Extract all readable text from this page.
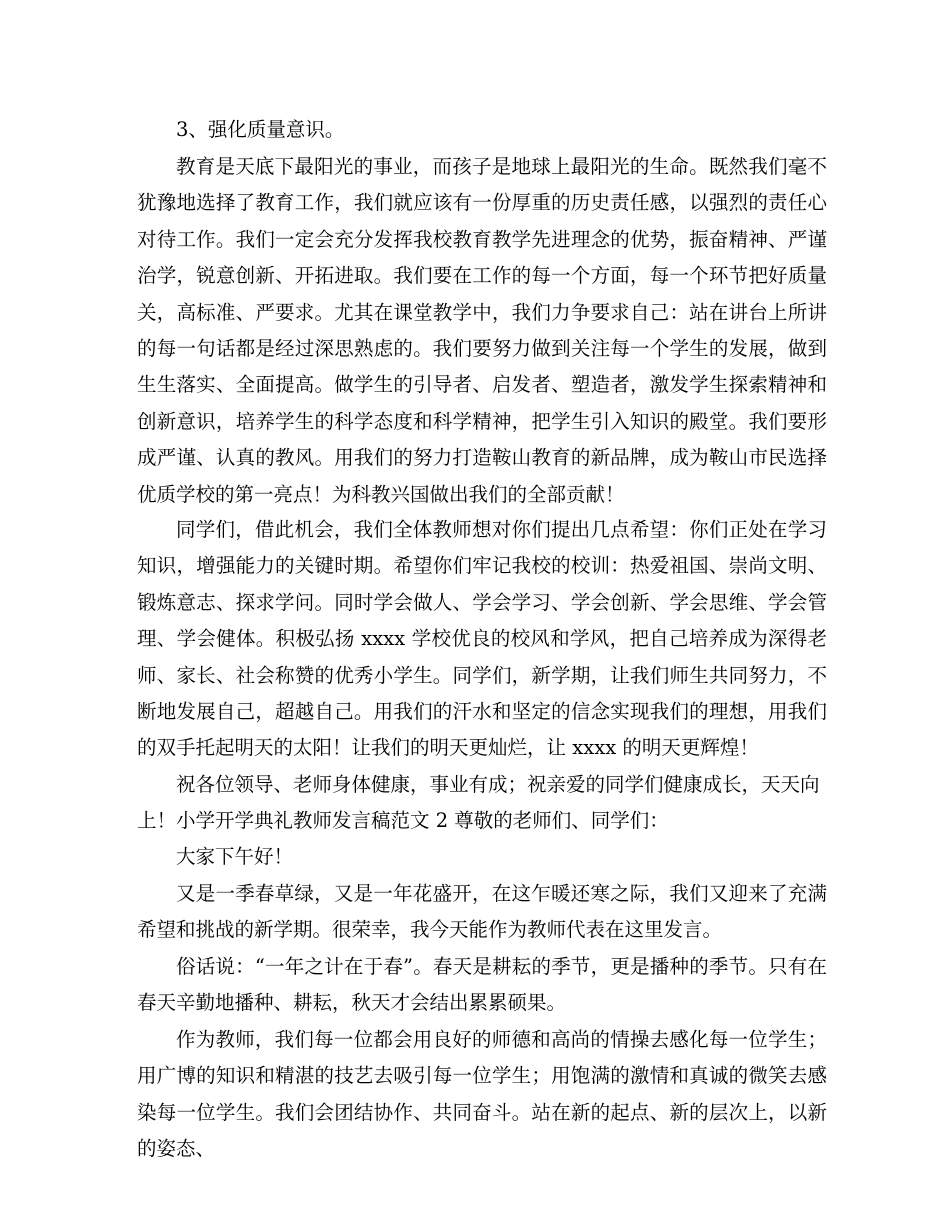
3、强化质量意识。

教育是天底下最阳光的事业，而孩子是地球上最阳光的生命。既然我们毫不犹豫地选择了教育工作，我们就应该有一份厚重的历史责任感，以强烈的责任心对待工作。我们一定会充分发挥我校教育教学先进理念的优势，振奋精神、严谨治学，锐意创新、开拓进取。我们要在工作的每一个方面，每一个环节把好质量关，高标准、严要求。尤其在课堂教学中，我们力争要求自己：站在讲台上所讲的每一句话都是经过深思熟虑的。我们要努力做到关注每一个学生的发展，做到生生落实、全面提高。做学生的引导者、启发者、塑造者，激发学生探索精神和创新意识，培养学生的科学态度和科学精神，把学生引入知识的殿堂。我们要形成严谨、认真的教风。用我们的努力打造鞍山教育的新品牌，成为鞍山市民选择优质学校的第一亮点！为科教兴国做出我们的全部贡献！

同学们，借此机会，我们全体教师想对你们提出几点希望：你们正处在学习知识，增强能力的关键时期。希望你们牢记我校的校训：热爱祖国、崇尚文明、锻炼意志、探求学问。同时学会做人、学会学习、学会创新、学会思维、学会管理、学会健体。积极弘扬 xxxx 学校优良的校风和学风，把自己培养成为深得老师、家长、社会称赞的优秀小学生。同学们，新学期，让我们师生共同努力，不断地发展自己，超越自己。用我们的汗水和坚定的信念实现我们的理想，用我们的双手托起明天的太阳！让我们的明天更灿烂，让 xxxx 的明天更辉煌！

祝各位领导、老师身体健康，事业有成；祝亲爱的同学们健康成长，天天向上！ 小学开学典礼教师发言稿范文 2 尊敬的老师们、同学们：

大家下午好！

又是一季春草绿，又是一年花盛开，在这乍暖还寒之际，我们又迎来了充满希望和挑战的新学期。很荣幸，我今天能作为教师代表在这里发言。

俗话说：“一年之计在于春”。春天是耕耘的季节，更是播种的季节。只有在春天辛勤地播种、耕耘，秋天才会结出累累硕果。

作为教师，我们每一位都会用良好的师德和高尚的情操去感化每一位学生；用广博的知识和精湛的技艺去吸引每一位学生；用饱满的激情和真诚的微笑去感染每一位学生。我们会团结协作、共同奋斗。站在新的起点、新的层次上，以新的姿态、
